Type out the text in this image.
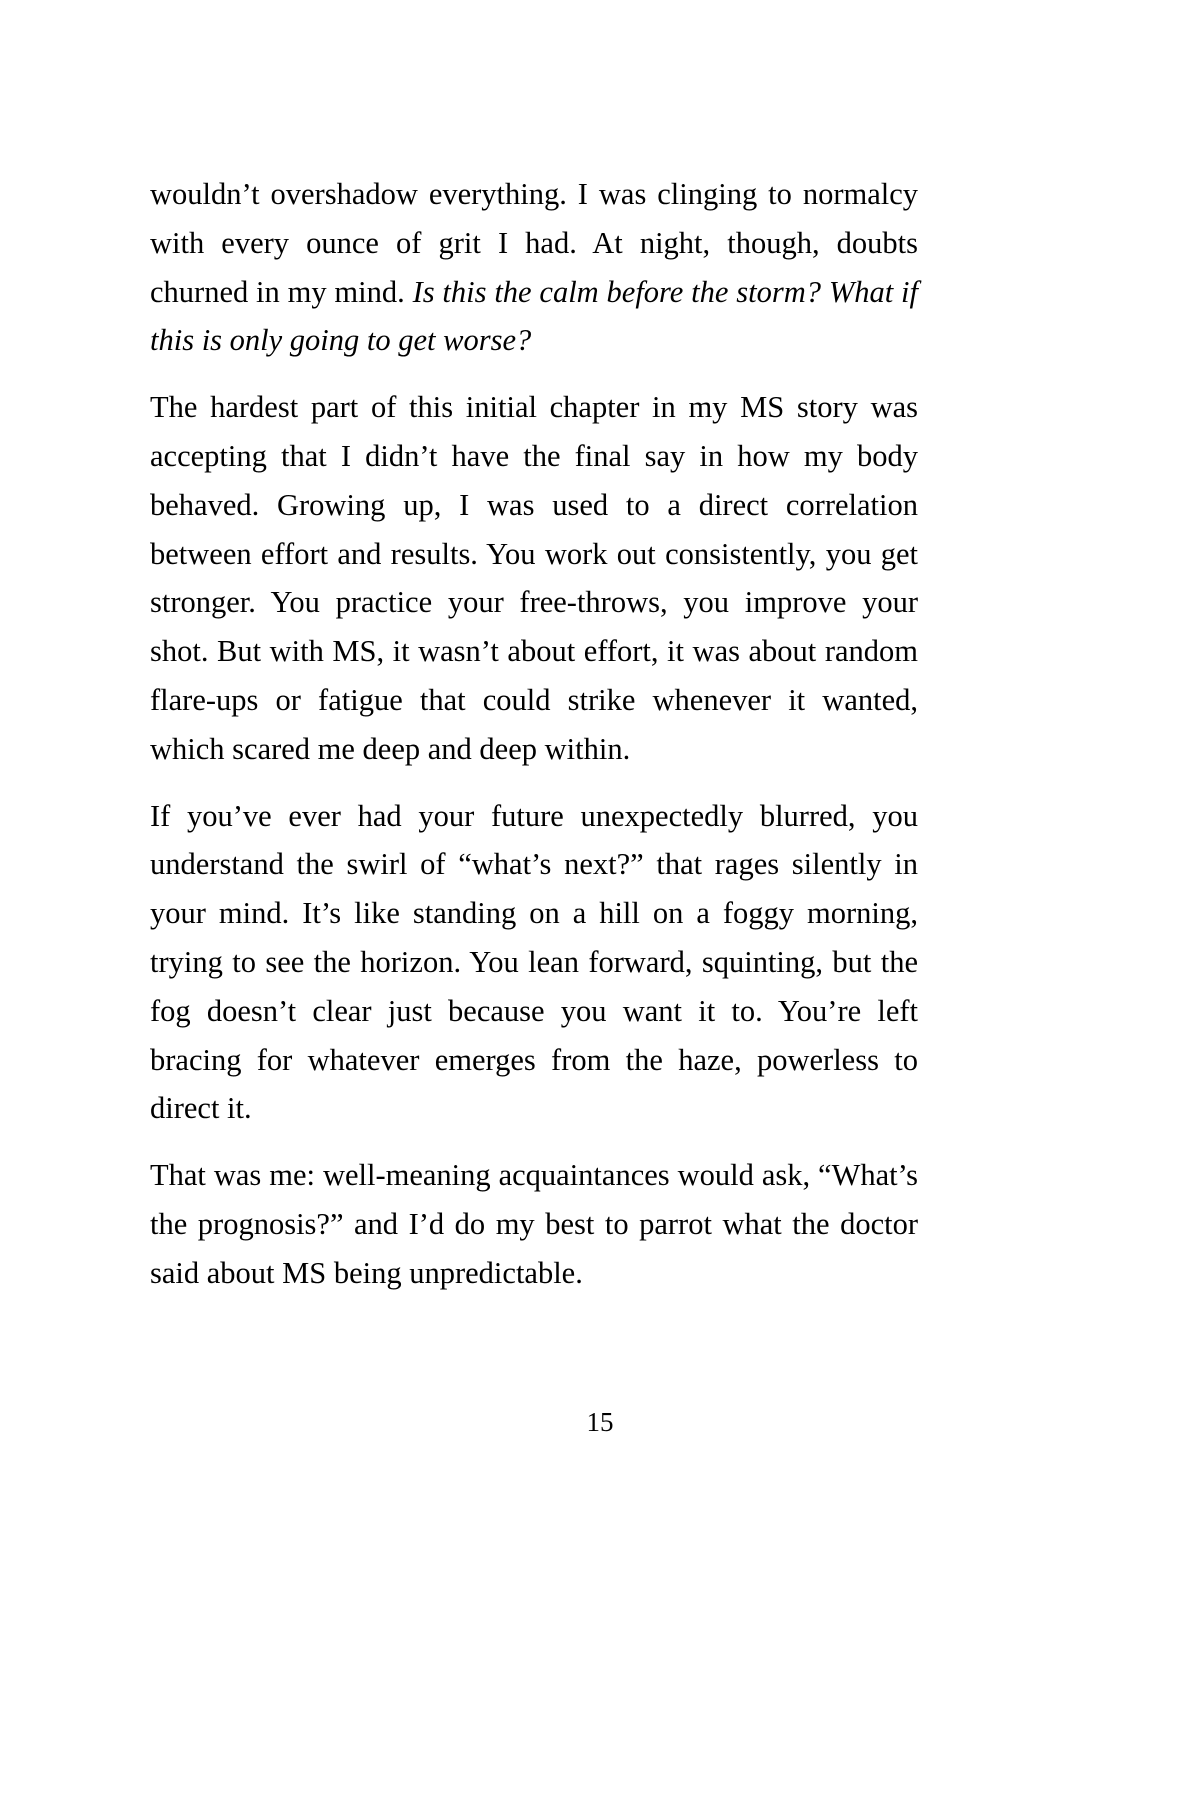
wouldn’t overshadow everything. I was clinging to normalcy with every ounce of grit I had. At night, though, doubts churned in my mind. Is this the calm before the storm? What if this is only going to get worse?

The hardest part of this initial chapter in my MS story was accepting that I didn’t have the final say in how my body behaved. Growing up, I was used to a direct correlation between effort and results. You work out consistently, you get stronger. You practice your free-throws, you improve your shot. But with MS, it wasn’t about effort, it was about random flare-ups or fatigue that could strike whenever it wanted, which scared me deep and deep within.

If you’ve ever had your future unexpectedly blurred, you understand the swirl of “what’s next?” that rages silently in your mind. It’s like standing on a hill on a foggy morning, trying to see the horizon. You lean forward, squinting, but the fog doesn’t clear just because you want it to. You’re left bracing for whatever emerges from the haze, powerless to direct it.

That was me: well-meaning acquaintances would ask, “What’s the prognosis?” and I’d do my best to parrot what the doctor said about MS being unpredictable.

15
